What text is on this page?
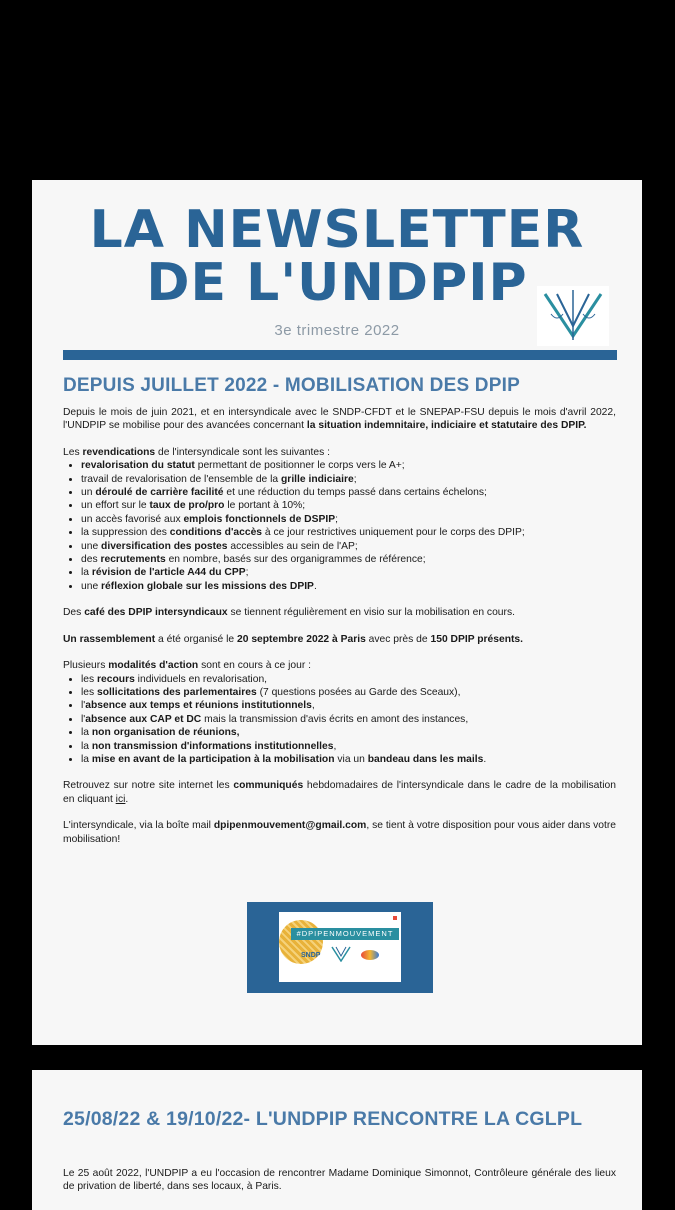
LA NEWSLETTER
DE L'UNDPIP
3e trimestre 2022
DEPUIS JUILLET 2022 - MOBILISATION DES DPIP

Depuis le mois de juin 2021, et en intersyndicale avec le SNDP-CFDT et le SNEPAP-FSU depuis le mois d'avril 2022, l'UNDPIP se mobilise pour des avancées concernant la situation indemnitaire, indiciaire et statutaire des DPIP.

Les revendications de l'intersyndicale sont les suivantes :

• revalorisation du statut permettant de positionner le corps vers le A+;
• travail de revalorisation de l'ensemble de la grille indiciaire;
• un déroulé de carrière facilité et une réduction du temps passé dans certains échelons;
• un effort sur le taux de pro/pro le portant à 10%;
• un accès favorisé aux emplois fonctionnels de DSPIP;
• la suppression des conditions d'accès à ce jour restrictives uniquement pour le corps des DPIP;
• une diversification des postes accessibles au sein de l'AP;
• des recrutements en nombre, basés sur des organigrammes de référence;
• la révision de l'article A44 du CPP;
• une réflexion globale sur les missions des DPIP.

Des café des DPIP intersyndicaux se tiennent régulièrement en visio sur la mobilisation en cours.

Un rassemblement a été organisé le 20 septembre 2022 à Paris avec près de 150 DPIP présents.

Plusieurs modalités d'action sont en cours à ce jour :

• les recours individuels en revalorisation,
• les sollicitations des parlementaires (7 questions posées au Garde des Sceaux),
• l'absence aux temps et réunions institutionnels,
• l'absence aux CAP et DC mais la transmission d'avis écrits en amont des instances,
• la non organisation de réunions,
• la non transmission d'informations institutionnelles,
• la mise en avant de la participation à la mobilisation via un bandeau dans les mails.

Retrouvez sur notre site internet les communiqués hebdomadaires de l'intersyndicale dans le cadre de la mobilisation en cliquant ici.

L'intersyndicale, via la boîte mail dpipenmouvement@gmail.com, se tient à votre disposition pour vous aider dans votre mobilisation!

#DPIPENMOUVEMENT
SNDP
25/08/22 & 19/10/22- L'UNDPIP RENCONTRE LA CGLPL
Le 25 août 2022, l'UNDPIP a eu l'occasion de rencontrer Madame Dominique Simonnot, Contrôleure générale des lieux de privation de liberté, dans ses locaux, à Paris.
